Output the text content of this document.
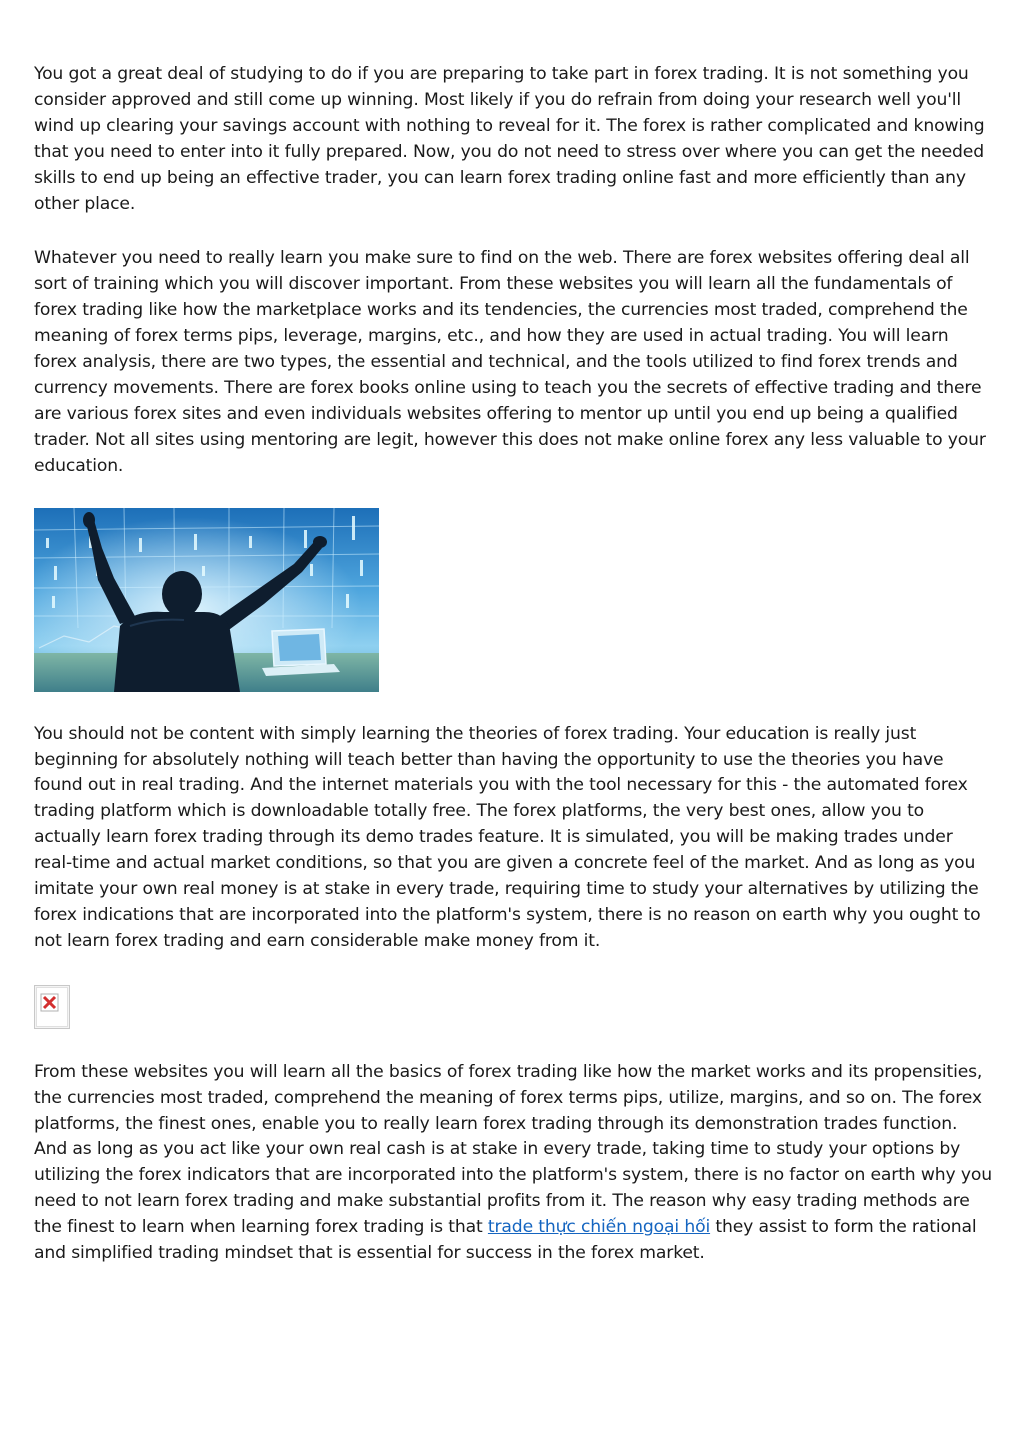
You got a great deal of studying to do if you are preparing to take part in forex trading. It is not something you consider approved and still come up winning. Most likely if you do refrain from doing your research well you'll wind up clearing your savings account with nothing to reveal for it. The forex is rather complicated and knowing that you need to enter into it fully prepared. Now, you do not need to stress over where you can get the needed skills to end up being an effective trader, you can learn forex trading online fast and more efficiently than any other place.

Whatever you need to really learn you make sure to find on the web. There are forex websites offering deal all sort of training which you will discover important. From these websites you will learn all the fundamentals of forex trading like how the marketplace works and its tendencies, the currencies most traded, comprehend the meaning of forex terms pips, leverage, margins, etc., and how they are used in actual trading. You will learn forex analysis, there are two types, the essential and technical, and the tools utilized to find forex trends and currency movements. There are forex books online using to teach you the secrets of effective trading and there are various forex sites and even individuals websites offering to mentor up until you end up being a qualified trader. Not all sites using mentoring are legit, however this does not make online forex any less valuable to your education.

You should not be content with simply learning the theories of forex trading. Your education is really just beginning for absolutely nothing will teach better than having the opportunity to use the theories you have found out in real trading. And the internet materials you with the tool necessary for this - the automated forex trading platform which is downloadable totally free. The forex platforms, the very best ones, allow you to actually learn forex trading through its demo trades feature. It is simulated, you will be making trades under real-time and actual market conditions, so that you are given a concrete feel of the market. And as long as you imitate your own real money is at stake in every trade, requiring time to study your alternatives by utilizing the forex indications that are incorporated into the platform's system, there is no reason on earth why you ought to not learn forex trading and earn considerable make money from it.

From these websites you will learn all the basics of forex trading like how the market works and its propensities, the currencies most traded, comprehend the meaning of forex terms pips, utilize, margins, and so on. The forex platforms, the finest ones, enable you to really learn forex trading through its demonstration trades function. And as long as you act like your own real cash is at stake in every trade, taking time to study your options by utilizing the forex indicators that are incorporated into the platform's system, there is no factor on earth why you need to not learn forex trading and make substantial profits from it. The reason why easy trading methods are the finest to learn when learning forex trading is that trade thực chiến ngoại hối they assist to form the rational and simplified trading mindset that is essential for success in the forex market.
